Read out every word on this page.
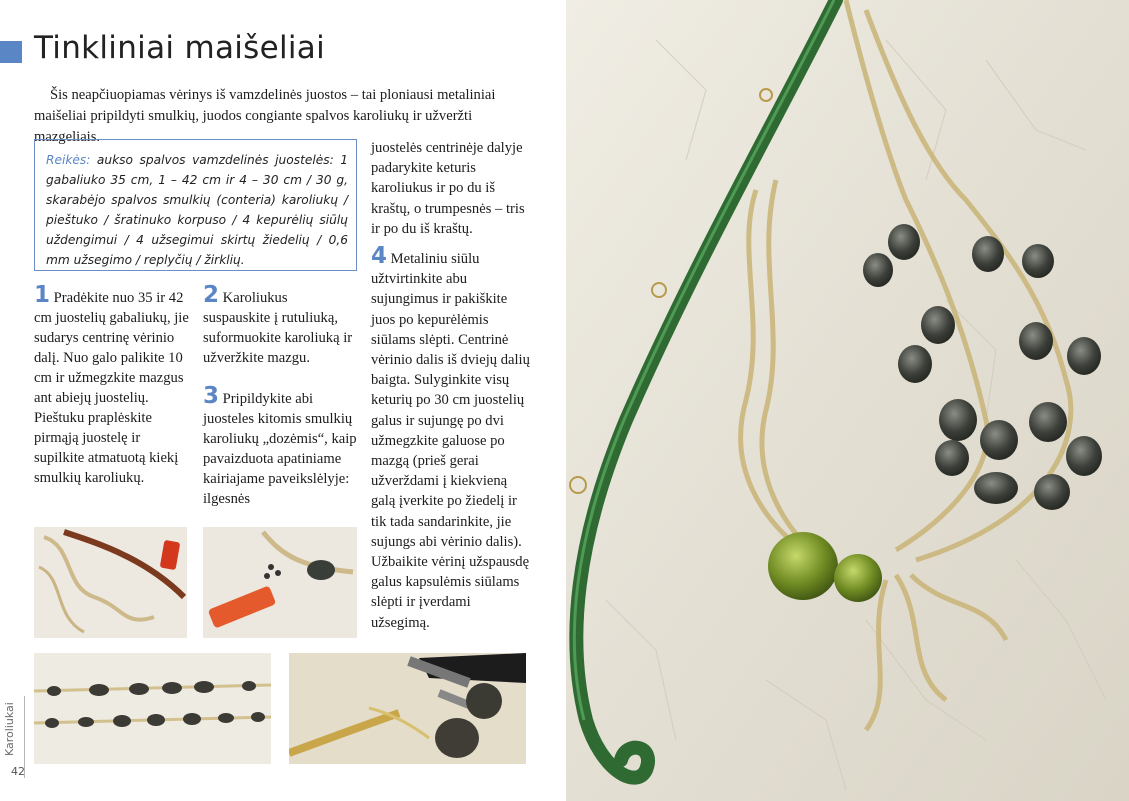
Tinkliniai maišeliai

Šis neapčiuopiamas vėrinys iš vamzdelinės juostos – tai ploniausi metaliniai maišeliai pripildyti smulkių, juodos congiante spalvos karoliukų ir užveržti mazgeliais.

Reikės: aukso spalvos vamzdelinės juostelės: 1 gabaliuko 35 cm, 1 – 42 cm ir 4 – 30 cm / 30 g, skarabėjo spalvos smulkių (conteria) karoliukų / pieštuko / šratinuko korpuso / 4 kepurėlių siūlų uždengimui / 4 užsegimui skirtų žiedelių / 0,6 mm užsegimo / replyčių / žirklių.
1 Pradėkite nuo 35 ir 42 cm juostelių gabaliukų, jie sudarys centrinę vėrinio dalį. Nuo galo palikite 10 cm ir užmegzkite mazgus ant abiejų juostelių. Pieštuku praplėskite pirmąją juostelę ir supilkite atmatuotą kiekį smulkių karoliukų.
2 Karoliukus suspauskite į rutuliuką, suformuokite karoliuką ir užveržkite mazgu.
3 Pripildykite abi juosteles kitomis smulkių karoliukų „dozėmis“, kaip pavaizduota apatiniame kairiajame paveikslėlyje: ilgesnės

juostelės centrinėje dalyje padarykite keturis karoliukus ir po du iš kraštų, o trumpesnės – tris ir po du iš kraštų.

4 Metaliniu siūlu užtvirtinkite abu sujungimus ir pakiškite juos po kepurėlėmis siūlams slėpti. Centrinė vėrinio dalis iš dviejų dalių baigta. Sulyginkite visų keturių po 30 cm juostelių galus ir sujungę po dvi užmegzkite galuose po mazgą (prieš gerai užverždami į kiekvieną galą įverkite po žiedelį ir tik tada sandarinkite, jie sujungs abi vėrinio dalis). Užbaikite vėrinį užspausdę galus kapsulėmis siūlams slėpti ir įverdami užsegimą.
Karoliukai
42
